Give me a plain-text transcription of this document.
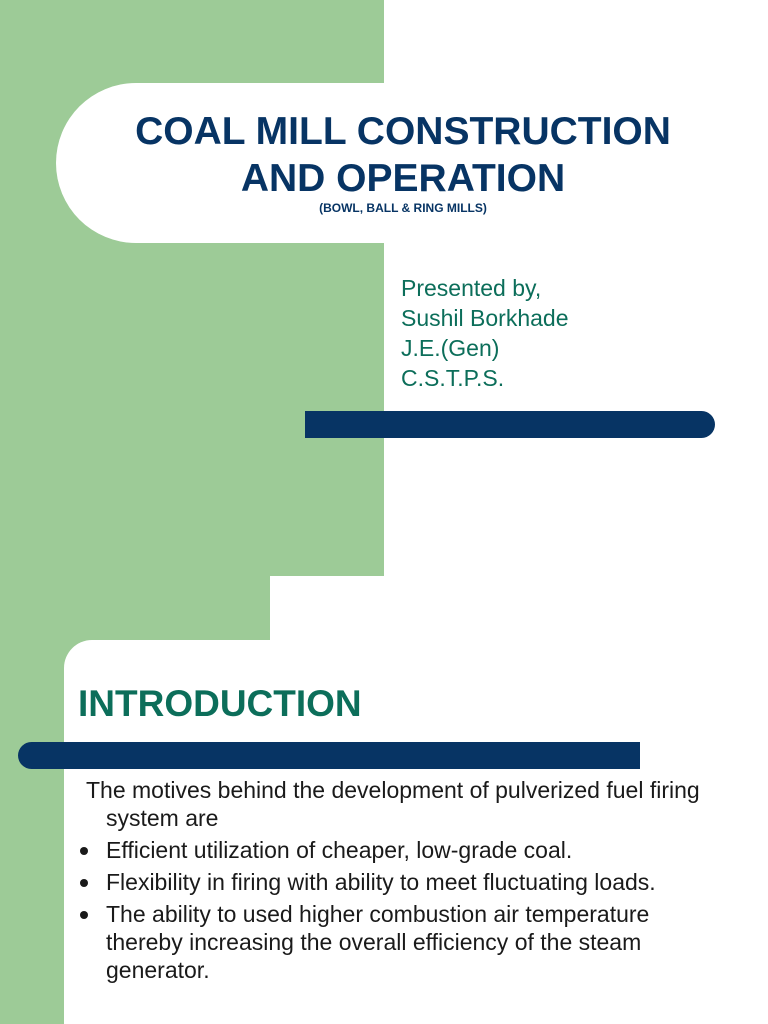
COAL MILL CONSTRUCTION
AND OPERATION
(BOWL, BALL & RING MILLS)
Presented by,
Sushil Borkhade
J.E.(Gen)
C.S.T.P.S.
INTRODUCTION

The motives behind the development of pulverized fuel firing system are

Efficient utilization of cheaper, low-grade coal.
Flexibility in firing with ability to meet fluctuating loads.
The ability to used higher combustion air temperature thereby increasing the overall efficiency of the steam generator.
